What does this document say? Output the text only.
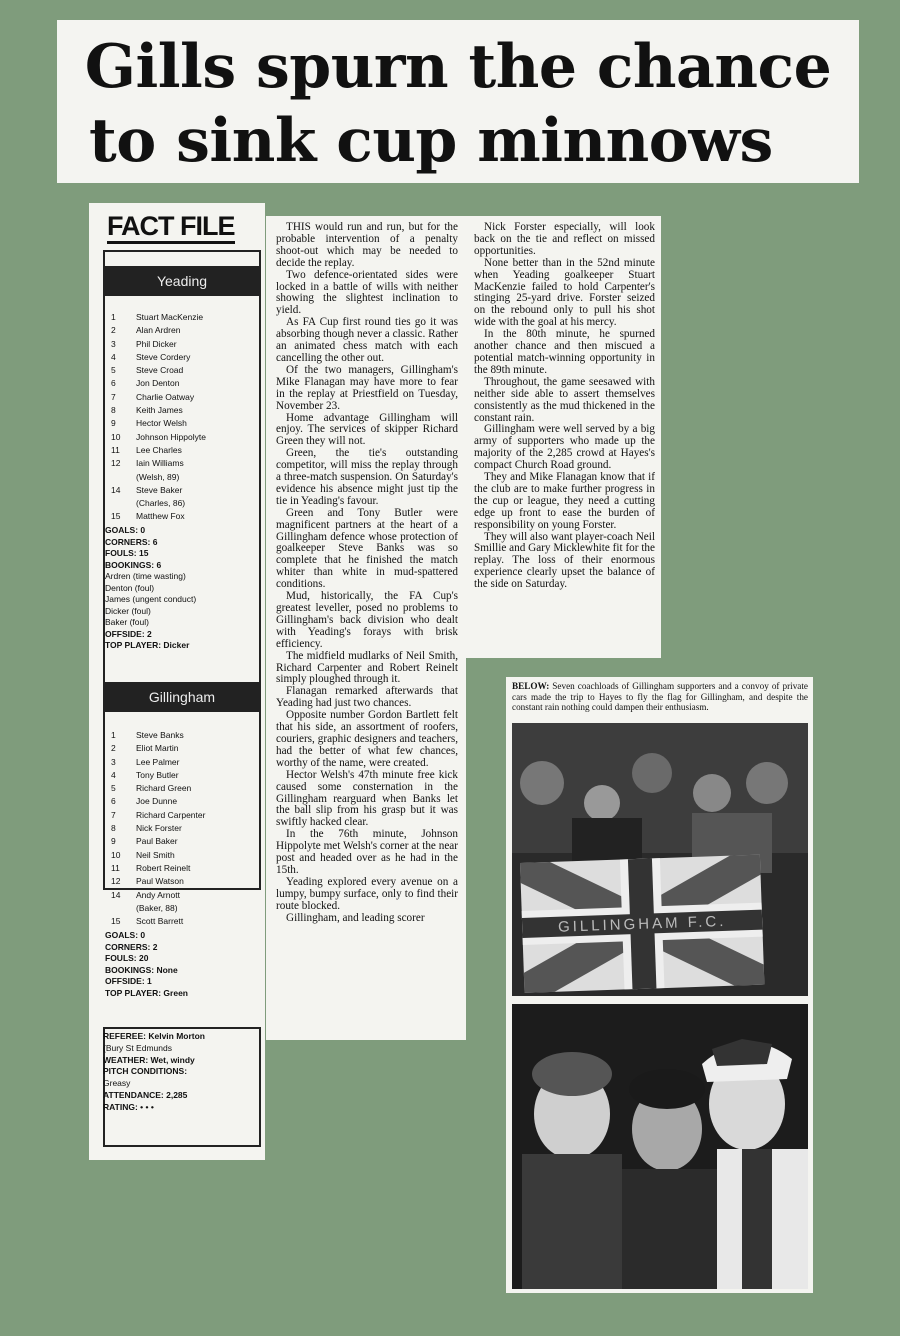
Gills spurn the chance
to sink cup minnows
FACT FILE
Yeading
1 Stuart MacKenzie
2 Alan Ardren
3 Phil Dicker
4 Steve Cordery
5 Steve Croad
6 Jon Denton
7 Charlie Oatway
8 Keith James
9 Hector Welsh
10 Johnson Hippolyte
11 Lee Charles
12 Iain Williams
(Welsh, 89)
14 Steve Baker
(Charles, 86)
15 Matthew Fox
GOALS: 0
CORNERS: 6
FOULS: 15
BOOKINGS: 6
Ardren (time wasting)
Denton (foul)
James (ungent conduct)
Dicker (foul)
Baker (foul)
OFFSIDE: 2
TOP PLAYER: Dicker
Gillingham
1 Steve Banks
2 Eliot Martin
3 Lee Palmer
4 Tony Butler
5 Richard Green
6 Joe Dunne
7 Richard Carpenter
8 Nick Forster
9 Paul Baker
10 Neil Smith
11 Robert Reinelt
12 Paul Watson
14 Andy Arnott
(Baker, 88)
15 Scott Barrett
GOALS: 0
CORNERS: 2
FOULS: 20
BOOKINGS: None
OFFSIDE: 1
TOP PLAYER: Green
REFEREE: Kelvin Morton
(Bury St Edmunds
WEATHER: Wet, windy
PITCH CONDITIONS:
Greasy
ATTENDANCE: 2,285
RATING: • • •

THIS would run and run, but for the probable intervention of a penalty shoot-out which may be needed to decide the replay.

Two defence-orientated sides were locked in a battle of wills with neither showing the slightest inclination to yield.

As FA Cup first round ties go it was absorbing though never a classic. Rather an animated chess match with each cancelling the other out.

Of the two managers, Gillingham's Mike Flanagan may have more to fear in the replay at Priestfield on Tuesday, November 23.

Home advantage Gillingham will enjoy. The services of skipper Richard Green they will not.

Green, the tie's outstanding competitor, will miss the replay through a three-match suspension. On Saturday's evidence his absence might just tip the tie in Yeading's favour.

Green and Tony Butler were magnificent partners at the heart of a Gillingham defence whose protection of goalkeeper Steve Banks was so complete that he finished the match whiter than white in mud-spattered conditions.

Mud, historically, the FA Cup's greatest leveller, posed no problems to Gillingham's back division who dealt with Yeading's forays with brisk efficiency.

The midfield mudlarks of Neil Smith, Richard Carpenter and Robert Reinelt simply ploughed through it.

Flanagan remarked afterwards that Yeading had just two chances.

Opposite number Gordon Bartlett felt that his side, an assortment of roofers, couriers, graphic designers and teachers, had the better of what few chances, worthy of the name, were created.

Hector Welsh's 47th minute free kick caused some consternation in the Gillingham rearguard when Banks let the ball slip from his grasp but it was swiftly hacked clear.

In the 76th minute, Johnson Hippolyte met Welsh's corner at the near post and headed over as he had in the 15th.

Yeading explored every avenue on a lumpy, bumpy surface, only to find their route blocked.

Gillingham, and leading scorer

Nick Forster especially, will look back on the tie and reflect on missed opportunities.

None better than in the 52nd minute when Yeading goalkeeper Stuart MacKenzie failed to hold Carpenter's stinging 25-yard drive. Forster seized on the rebound only to pull his shot wide with the goal at his mercy.

In the 80th minute, he spurned another chance and then miscued a potential match-winning opportunity in the 89th minute.

Throughout, the game seesawed with neither side able to assert themselves consistently as the mud thickened in the constant rain.

Gillingham were well served by a big army of supporters who made up the majority of the 2,285 crowd at Hayes's compact Church Road ground.

They and Mike Flanagan know that if the club are to make further progress in the cup or league, they need a cutting edge up front to ease the burden of responsibility on young Forster.

They will also want player-coach Neil Smillie and Gary Micklewhite fit for the replay. The loss of their enormous experience clearly upset the balance of the side on Saturday.

BELOW: Seven coachloads of Gillingham supporters and a convoy of private cars made the trip to Hayes to fly the flag for Gillingham, and despite the constant rain nothing could dampen their enthusiasm.
GILLINGHAM F.C.
